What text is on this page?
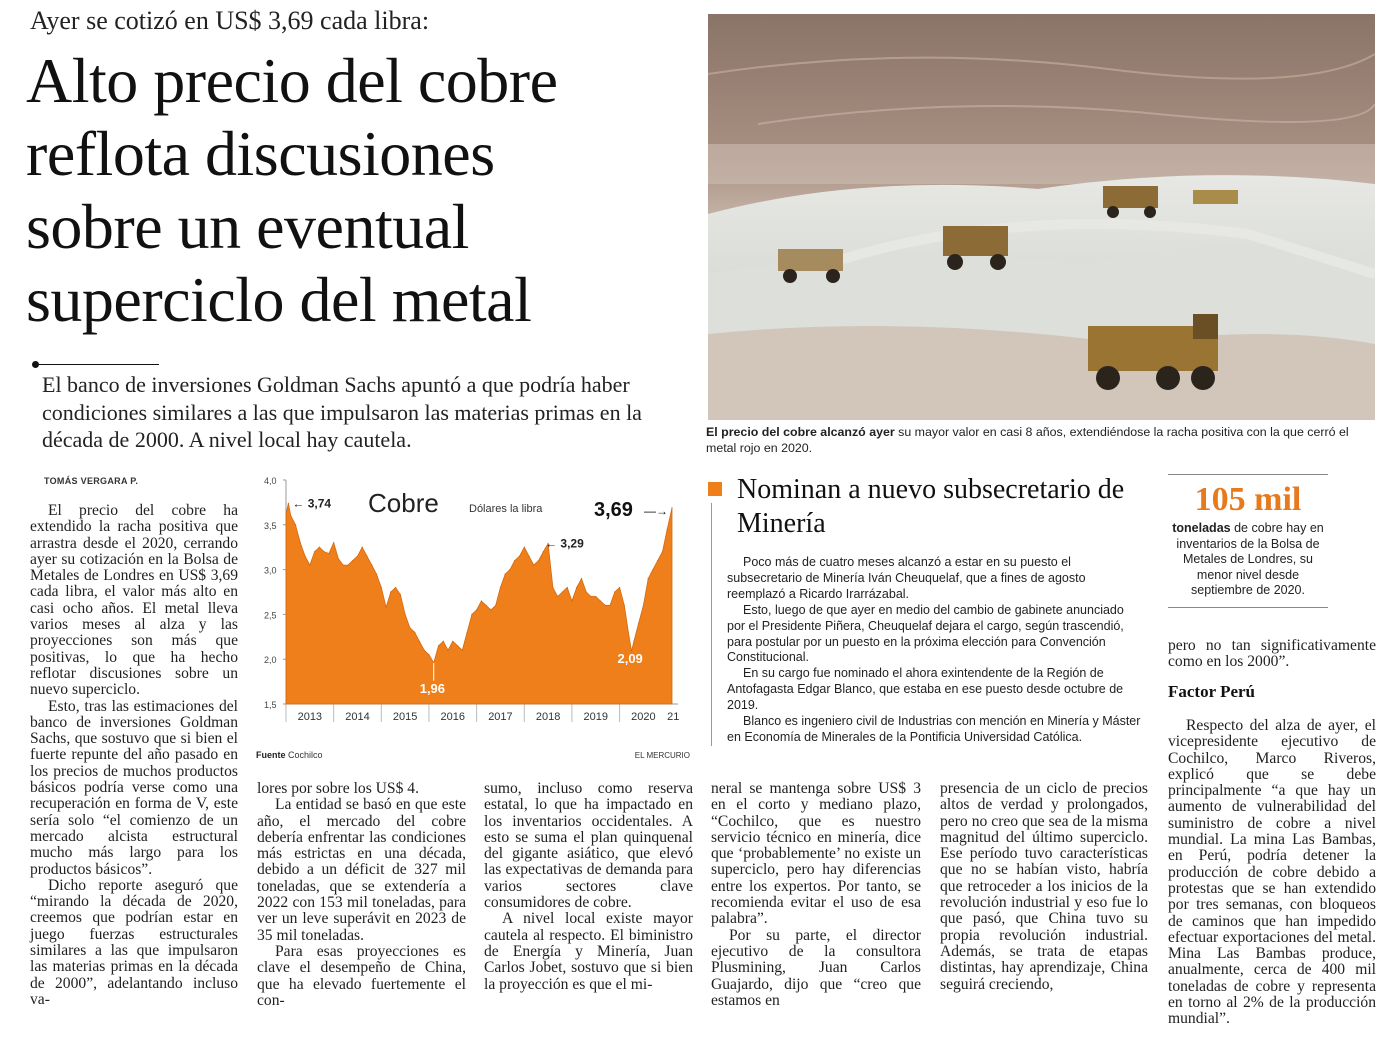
Ayer se cotizó en US$ 3,69 cada libra:
Alto precio del cobre
reflota discusiones
sobre un eventual
superciclo del metal
El banco de inversiones Goldman Sachs apuntó a que podría haber condiciones similares a las que impulsaron las materias primas en la década de 2000. A nivel local hay cautela.
TOMÁS VERGARA P.

El precio del cobre ha extendido la racha positiva que arrastra desde el 2020, cerrando ayer su cotización en la Bolsa de Metales de Londres en US$ 3,69 cada libra, el valor más alto en casi ocho años. El metal lleva varios meses al alza y las proyecciones son más que positivas, lo que ha hecho reflotar discusiones sobre un nuevo superciclo.

Esto, tras las estimaciones del banco de inversiones Goldman Sachs, que sostuvo que si bien el fuerte repunte del año pasado en los precios de muchos productos básicos podría verse como una recuperación en forma de V, este sería solo “el comienzo de un mercado alcista estructural mucho más largo para los productos básicos”.

Dicho reporte aseguró que “mirando la década de 2020, creemos que podrían estar en juego fuerzas estructurales similares a las que impulsaron las materias primas en la década de 2000”, adelantando incluso va-

lores por sobre los US$ 4.

La entidad se basó en que este año, el mercado del cobre debería enfrentar las condiciones más estrictas en una década, debido a un déficit de 327 mil toneladas, que se extendería a 2022 con 153 mil toneladas, para ver un leve superávit en 2023 de 35 mil toneladas.

Para esas proyecciones es clave el desempeño de China, que ha elevado fuertemente el con-

sumo, incluso como reserva estatal, lo que ha impactado en los inventarios occidentales. A esto se suma el plan quinquenal del gigante asiático, que elevó las expectativas de demanda para varios sectores clave consumidores de cobre.

A nivel local existe mayor cautela al respecto. El biministro de Energía y Minería, Juan Carlos Jobet, sostuvo que si bien la proyección es que el mi-

neral se mantenga sobre US$ 3 en el corto y mediano plazo, “Cochilco, que es nuestro servicio técnico en minería, dice que ‘probablemente’ no existe un superciclo, pero hay diferencias entre los expertos. Por tanto, se recomienda evitar el uso de esa palabra”.

Por su parte, el director ejecutivo de la consultora Plusmining, Juan Carlos Guajardo, dijo que “creo que estamos en

presencia de un ciclo de precios altos de verdad y prolongados, pero no creo que sea de la misma magnitud del último superciclo. Ese período tuvo características que no se habían visto, habría que retroceder a los inicios de la revolución industrial y eso fue lo que pasó, que China tuvo su propia revolución industrial. Además, se trata de etapas distintas, hay aprendizaje, China seguirá creciendo,

pero no tan significativamente como en los 2000”.

Factor Perú

Respecto del alza de ayer, el vicepresidente ejecutivo de Cochilco, Marco Riveros, explicó que se debe principalmente “a que hay un aumento de vulnerabilidad del suministro de cobre a nivel mundial. La mina Las Bambas, en Perú, podría detener la producción de cobre debido a protestas que se han extendido por tres semanas, con bloqueos de caminos que han impedido efectuar exportaciones del metal. Mina Las Bambas produce, anualmente, cerca de 400 mil toneladas de cobre y representa en torno al 2% de la producción mundial”.

El precio del cobre alcanzó ayer su mayor valor en casi 8 años, extendiéndose la racha positiva con la que cerró el metal rojo en 2020.
Nominan a nuevo subsecretario de Minería

Poco más de cuatro meses alcanzó a estar en su puesto el subsecretario de Minería Iván Cheuquelaf, que a fines de agosto reemplazó a Ricardo Irarrázabal.

Esto, luego de que ayer en medio del cambio de gabinete anunciado por el Presidente Piñera, Cheuquelaf dejara el cargo, según trascendió, para postular por un puesto en la próxima elección para Convención Constitucional.

En su cargo fue nominado el ahora exintendente de la Región de Antofagasta Edgar Blanco, que estaba en ese puesto desde octubre de 2019.

Blanco es ingeniero civil de Industrias con mención en Minería y Máster en Economía de Minerales de la Pontificia Universidad Católica.

105 mil
toneladas de cobre hay en inventarios de la Bolsa de Metales de Londres, su menor nivel desde septiembre de 2020.
1,5
2,0
2,5
3,0
3,5
4,0
2013 2014 2015 2016 2017 2018 2019 2020 21
Cobre	Dólares la libra
← 3,74
1,96
← 3,29
2,09
3,69 —→
Fuente Cochilco	EL MERCURIO
